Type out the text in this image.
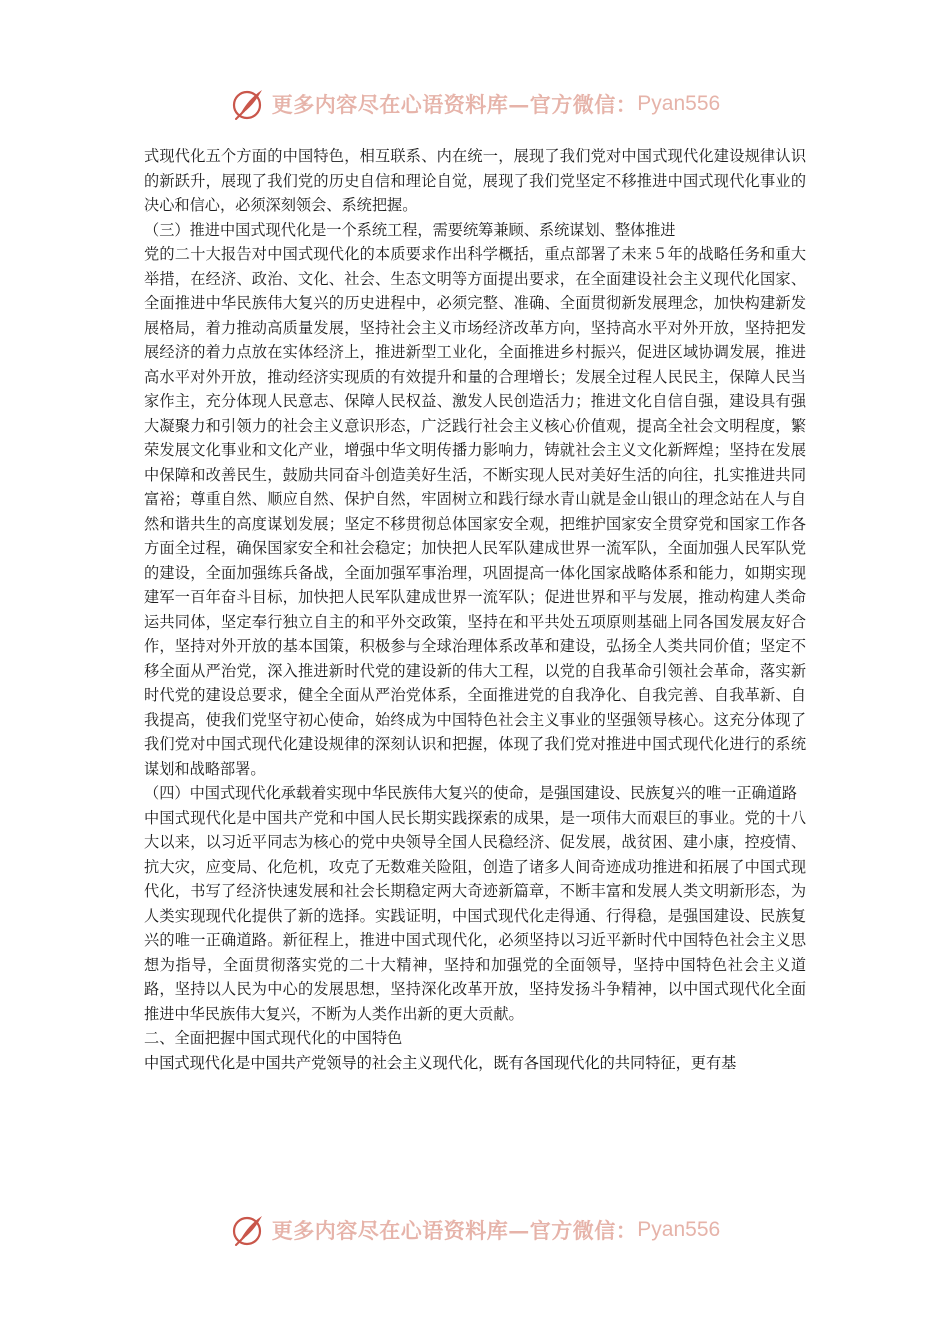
更多内容尽在心语资料库—官方微信： Pyan556

式现代化五个方面的中国特色，相互联系、内在统一，展现了我们党对中国式现代化建设规律认识的新跃升，展现了我们党的历史自信和理论自觉，展现了我们党坚定不移推进中国式现代化事业的决心和信心，必须深刻领会、系统把握。

（三）推进中国式现代化是一个系统工程，需要统筹兼顾、系统谋划、整体推进

党的二十大报告对中国式现代化的本质要求作出科学概括，重点部署了未来５年的战略任务和重大举措，在经济、政治、文化、社会、生态文明等方面提出要求，在全面建设社会主义现代化国家、全面推进中华民族伟大复兴的历史进程中，必须完整、准确、全面贯彻新发展理念，加快构建新发展格局，着力推动高质量发展，坚持社会主义市场经济改革方向，坚持高水平对外开放，坚持把发展经济的着力点放在实体经济上，推进新型工业化，全面推进乡村振兴，促进区域协调发展，推进高水平对外开放，推动经济实现质的有效提升和量的合理增长；发展全过程人民民主，保障人民当家作主，充分体现人民意志、保障人民权益、激发人民创造活力；推进文化自信自强，建设具有强大凝聚力和引领力的社会主义意识形态，广泛践行社会主义核心价值观，提高全社会文明程度，繁荣发展文化事业和文化产业，增强中华文明传播力影响力，铸就社会主义文化新辉煌；坚持在发展中保障和改善民生，鼓励共同奋斗创造美好生活，不断实现人民对美好生活的向往，扎实推进共同富裕；尊重自然、顺应自然、保护自然，牢固树立和践行绿水青山就是金山银山的理念站在人与自然和谐共生的高度谋划发展；坚定不移贯彻总体国家安全观，把维护国家安全贯穿党和国家工作各方面全过程，确保国家安全和社会稳定；加快把人民军队建成世界一流军队，全面加强人民军队党的建设，全面加强练兵备战，全面加强军事治理，巩固提高一体化国家战略体系和能力，如期实现建军一百年奋斗目标，加快把人民军队建成世界一流军队；促进世界和平与发展，推动构建人类命运共同体，坚定奉行独立自主的和平外交政策，坚持在和平共处五项原则基础上同各国发展友好合作，坚持对外开放的基本国策，积极参与全球治理体系改革和建设，弘扬全人类共同价值；坚定不移全面从严治党，深入推进新时代党的建设新的伟大工程，以党的自我革命引领社会革命，落实新时代党的建设总要求，健全全面从严治党体系，全面推进党的自我净化、自我完善、自我革新、自我提高，使我们党坚守初心使命，始终成为中国特色社会主义事业的坚强领导核心。这充分体现了我们党对中国式现代化建设规律的深刻认识和把握，体现了我们党对推进中国式现代化进行的系统谋划和战略部署。

（四）中国式现代化承载着实现中华民族伟大复兴的使命，是强国建设、民族复兴的唯一正确道路

中国式现代化是中国共产党和中国人民长期实践探索的成果，是一项伟大而艰巨的事业。党的十八大以来，以习近平同志为核心的党中央领导全国人民稳经济、促发展，战贫困、建小康，控疫情、抗大灾，应变局、化危机，攻克了无数难关险阻，创造了诸多人间奇迹成功推进和拓展了中国式现代化，书写了经济快速发展和社会长期稳定两大奇迹新篇章，不断丰富和发展人类文明新形态，为人类实现现代化提供了新的选择。实践证明，中国式现代化走得通、行得稳，是强国建设、民族复兴的唯一正确道路。新征程上，推进中国式现代化，必须坚持以习近平新时代中国特色社会主义思想为指导，全面贯彻落实党的二十大精神，坚持和加强党的全面领导，坚持中国特色社会主义道路，坚持以人民为中心的发展思想，坚持深化改革开放，坚持发扬斗争精神，以中国式现代化全面推进中华民族伟大复兴，不断为人类作出新的更大贡献。

二、全面把握中国式现代化的中国特色

中国式现代化是中国共产党领导的社会主义现代化，既有各国现代化的共同特征，更有基

更多内容尽在心语资料库—官方微信： Pyan556
